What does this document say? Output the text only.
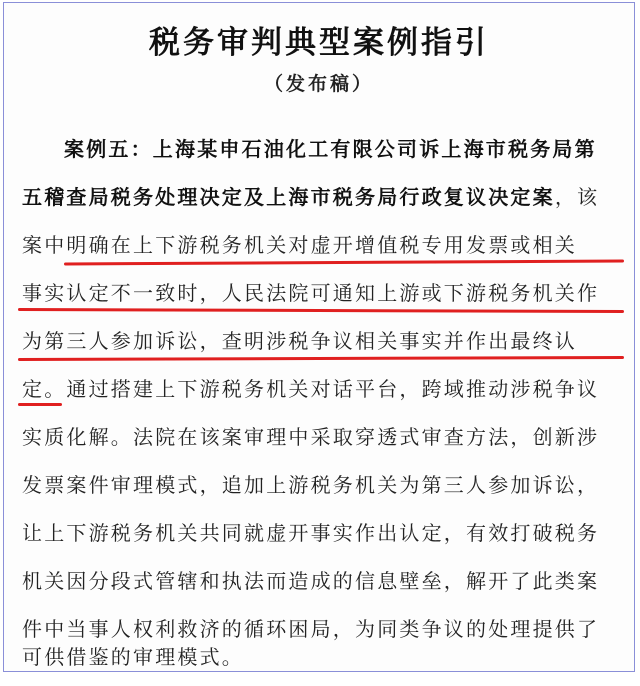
税务审判典型案例指引
（发布稿）
案例五：上海某申石油化工有限公司诉上海市税务局第
五稽查局税务处理决定及上海市税务局行政复议决定案，该
案中明确在上下游税务机关对虚开增值税专用发票或相关
事实认定不一致时，人民法院可通知上游或下游税务机关作
为第三人参加诉讼，查明涉税争议相关事实并作出最终认
定。通过搭建上下游税务机关对话平台，跨域推动涉税争议
实质化解。法院在该案审理中采取穿透式审查方法，创新涉
发票案件审理模式，追加上游税务机关为第三人参加诉讼，
让上下游税务机关共同就虚开事实作出认定，有效打破税务
机关因分段式管辖和执法而造成的信息壁垒，解开了此类案
件中当事人权利救济的循环困局，为同类争议的处理提供了
可供借鉴的审理模式。
